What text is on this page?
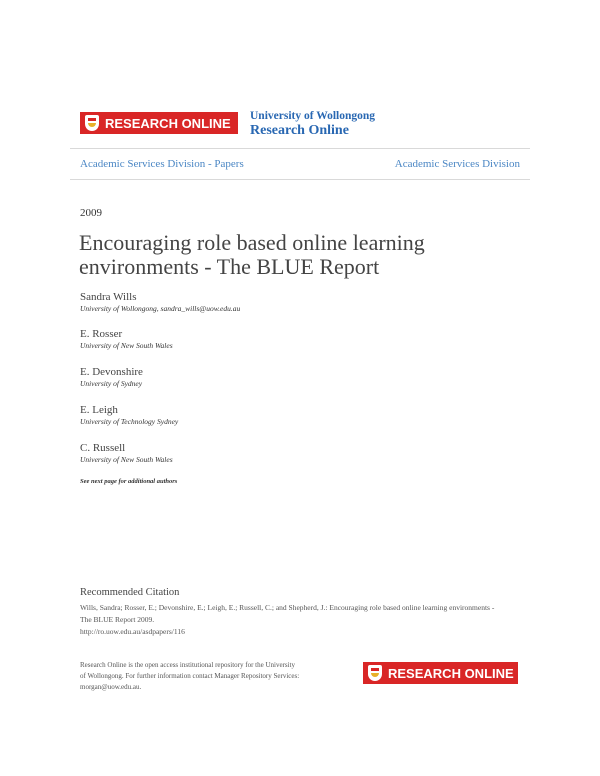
RESEARCH ONLINE University of Wollongong
Research Online
Academic Services Division - Papers	Academic Services Division
2009
Encouraging role based online learning environments - The BLUE Report
Sandra Wills
University of Wollongong, sandra_wills@uow.edu.au
E. Rosser
University of New South Wales
E. Devonshire
University of Sydney
E. Leigh
University of Technology Sydney
C. Russell
University of New South Wales
See next page for additional authors
Recommended Citation
Wills, Sandra; Rosser, E.; Devonshire, E.; Leigh, E.; Russell, C.; and Shepherd, J.: Encouraging role based online learning environments - The BLUE Report 2009.
http://ro.uow.edu.au/asdpapers/116
Research Online is the open access institutional repository for the University of Wollongong. For further information contact Manager Repository Services: morgan@uow.edu.au.
RESEARCH ONLINE
